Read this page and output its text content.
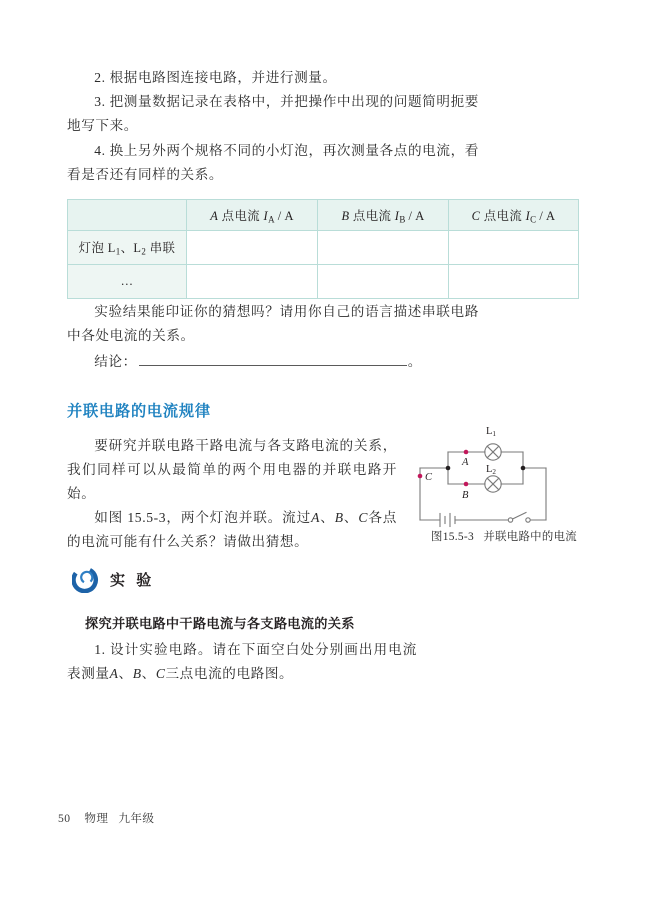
2. 根据电路图连接电路，并进行测量。
3. 把测量数据记录在表格中，并把操作中出现的问题简明扼要地写下来。
4. 换上另外两个规格不同的小灯泡，再次测量各点的电流，看看是否还有同样的关系。
	A 点电流 $I_A$ / A	B 点电流 $I_B$ / A	C 点电流 $I_C$ / A
灯泡 $L_1$、$L_2$ 串联			
…			
实验结果能印证你的猜想吗？请用你自己的语言描述串联电路中各处电流的关系。
结论：	。
并联电路的电流规律
要研究并联电路干路电流与各支路电流的关系，我们同样可以从最简单的两个用电器的并联电路开始。
如图 15.5-3，两个灯泡并联。流过A、B、C各点的电流可能有什么关系？请做出猜想。
$L_1$
$L_2$
A
B
C
图15.5-3 并联电路中的电流
实 验
探究并联电路中干路电流与各支路电流的关系
1. 设计实验电路。请在下面空白处分别画出用电流表测量A、B、C三点电流的电路图。
50 物理 九年级
